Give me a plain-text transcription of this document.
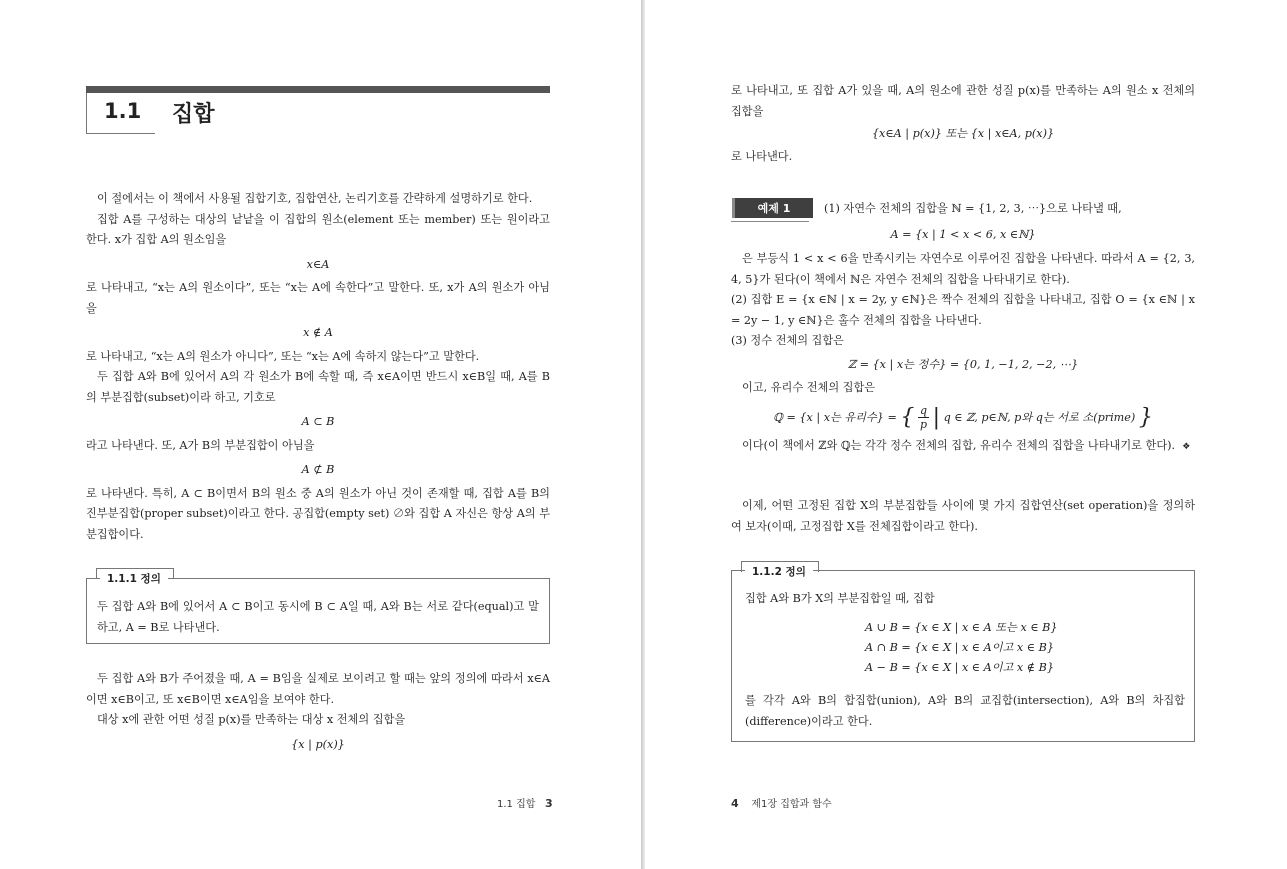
1.1 집합

이 절에서는 이 책에서 사용될 집합기호, 집합연산, 논리기호를 간략하게 설명하기로 한다.

집합 A를 구성하는 대상의 낱낱을 이 집합의 원소(element 또는 member) 또는 원이라고 한다. x가 집합 A의 원소임을

x∈A

로 나타내고, “x는 A의 원소이다”, 또는 “x는 A에 속한다”고 말한다. 또, x가 A의 원소가 아님을

x ∉ A

로 나타내고, “x는 A의 원소가 아니다”, 또는 “x는 A에 속하지 않는다”고 말한다.

두 집합 A와 B에 있어서 A의 각 원소가 B에 속할 때, 즉 x∈A이면 반드시 x∈B일 때, A를 B의 부분집합(subset)이라 하고, 기호로

A ⊂ B

라고 나타낸다. 또, A가 B의 부분집합이 아님을

A ⊄ B

로 나타낸다. 특히, A ⊂ B이면서 B의 원소 중 A의 원소가 아닌 것이 존재할 때, 집합 A를 B의 진부분집합(proper subset)이라고 한다. 공집합(empty set) ∅와 집합 A 자신은 항상 A의 부분집합이다.

1.1.1 정의
두 집합 A와 B에 있어서 A ⊂ B이고 동시에 B ⊂ A일 때, A와 B는 서로 같다(equal)고 말하고, A = B로 나타낸다.

두 집합 A와 B가 주어졌을 때, A = B임을 실제로 보이려고 할 때는 앞의 정의에 따라서 x∈A이면 x∈B이고, 또 x∈B이면 x∈A임을 보여야 한다.

대상 x에 관한 어떤 성질 p(x)를 만족하는 대상 x 전체의 집합을

{x | p(x)}

1.1 집합 3

로 나타내고, 또 집합 A가 있을 때, A의 원소에 관한 성질 p(x)를 만족하는 A의 원소 x 전체의 집합을

{x∈A | p(x)} 또는 {x | x∈A, p(x)}

로 나타낸다.

예제 1	(1) 자연수 전체의 집합을 ℕ = {1, 2, 3, ⋯}으로 나타낼 때,

A = {x | 1 < x < 6, x ∈ℕ}

은 부등식 1 < x < 6을 만족시키는 자연수로 이루어진 집합을 나타낸다. 따라서 A = {2, 3, 4, 5}가 된다(이 책에서 ℕ은 자연수 전체의 집합을 나타내기로 한다).

(2) 집합 E = {x ∈ℕ | x = 2y, y ∈ℕ}은 짝수 전체의 집합을 나타내고, 집합 O = {x ∈ℕ | x = 2y − 1, y ∈ℕ}은 홀수 전체의 집합을 나타낸다.

(3) 정수 전체의 집합은

ℤ = {x | x는 정수} = {0, 1, −1, 2, −2, ⋯}

이고, 유리수 전체의 집합은

ℚ = {x | x는 유리수} = { $\frac{q}{p}$ | q ∈ ℤ, p∈ℕ, p와 q는 서로 소(prime) }

이다(이 책에서 ℤ와 ℚ는 각각 정수 전체의 집합, 유리수 전체의 집합을 나타내기로 한다). ❖

이제, 어떤 고정된 집합 X의 부분집합들 사이에 몇 가지 집합연산(set operation)을 정의하여 보자(이때, 고정집합 X를 전체집합이라고 한다).

1.1.2 정의
집합 A와 B가 X의 부분집합일 때, 집합
A ∪ B = {x ∈ X | x ∈ A 또는 x ∈ B}
A ∩ B = {x ∈ X | x ∈ A이고 x ∈ B}
A − B = {x ∈ X | x ∈ A이고 x ∉ B}
를 각각 A와 B의 합집합(union), A와 B의 교집합(intersection), A와 B의 차집합(difference)이라고 한다.
4 제1장 집합과 함수
